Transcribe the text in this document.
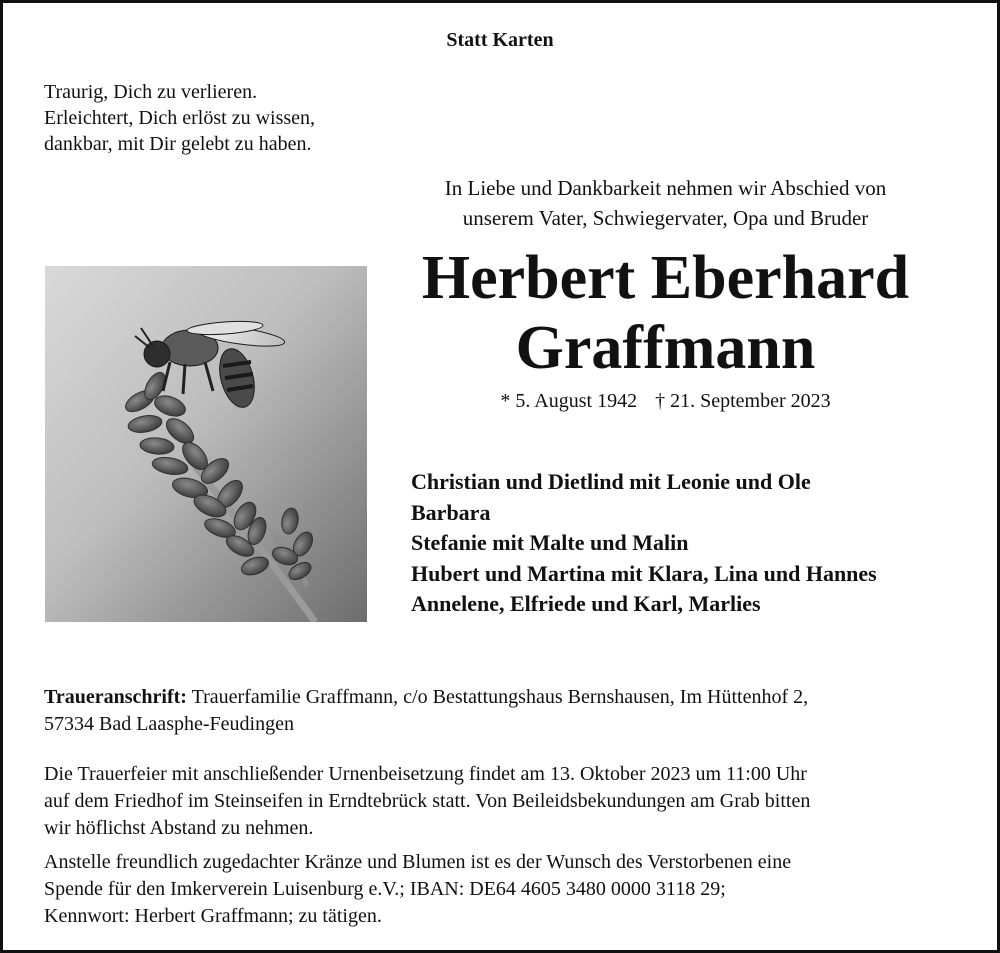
Statt Karten
Traurig, Dich zu verlieren.
Erleichtert, Dich erlöst zu wissen,
dankbar, mit Dir gelebt zu haben.
In Liebe und Dankbarkeit nehmen wir Abschied von
unserem Vater, Schwiegervater, Opa und Bruder
Herbert Eberhard
Graffmann
* 5. August 1942 † 21. September 2023
Christian und Dietlind mit Leonie und Ole
Barbara
Stefanie mit Malte und Malin
Hubert und Martina mit Klara, Lina und Hannes
Annelene, Elfriede und Karl, Marlies
Traueranschrift: Trauerfamilie Graffmann, c/o Bestattungshaus Bernshausen, Im Hüttenhof 2,
57334 Bad Laasphe-Feudingen
Die Trauerfeier mit anschließender Urnenbeisetzung findet am 13. Oktober 2023 um 11:00 Uhr
auf dem Friedhof im Steinseifen in Erndtebrück statt. Von Beileidsbekundungen am Grab bitten
wir höflichst Abstand zu nehmen.
Anstelle freundlich zugedachter Kränze und Blumen ist es der Wunsch des Verstorbenen eine
Spende für den Imkerverein Luisenburg e.V.; IBAN: DE64 4605 3480 0000 3118 29;
Kennwort: Herbert Graffmann; zu tätigen.
